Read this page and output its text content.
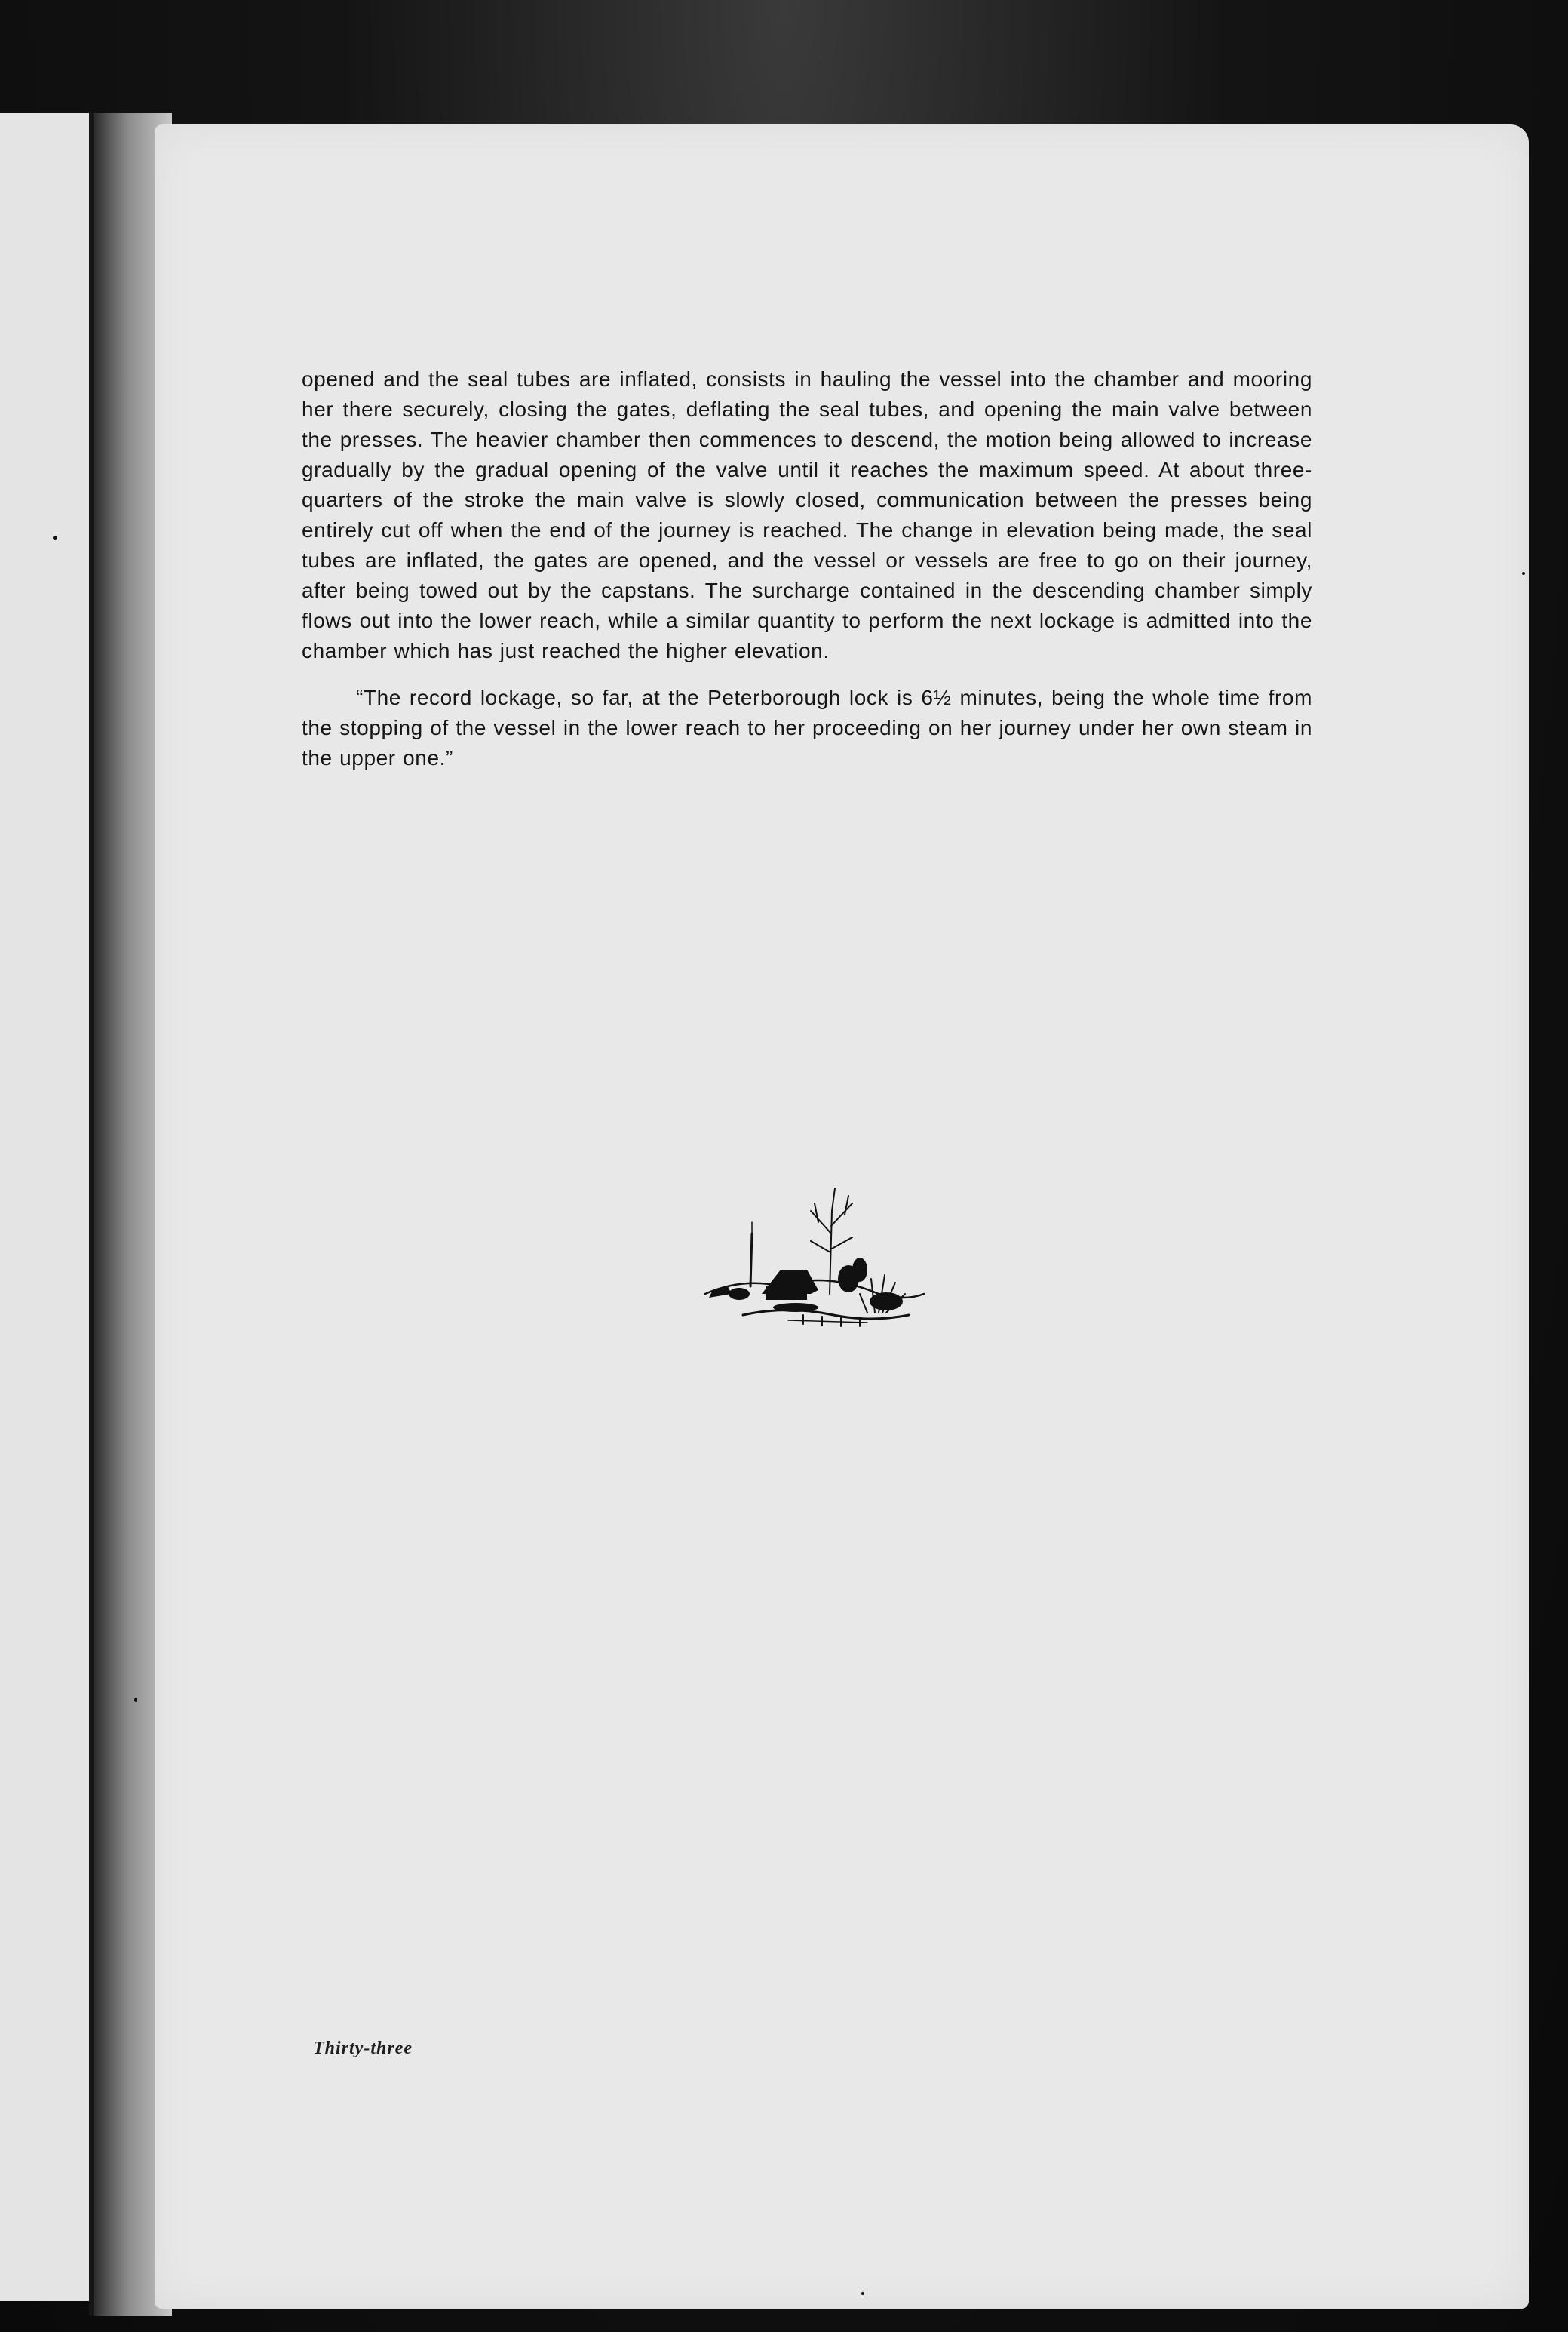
opened and the seal tubes are inflated, consists in hauling the vessel into the chamber and mooring her there securely, closing the gates, deflating the seal tubes, and opening the main valve between the presses. The heavier chamber then commences to descend, the motion being allowed to increase gradually by the gradual opening of the valve until it reaches the maximum speed. At about three-quarters of the stroke the main valve is slowly closed, communication between the presses being entirely cut off when the end of the journey is reached. The change in elevation being made, the seal tubes are inflated, the gates are opened, and the vessel or vessels are free to go on their journey, after being towed out by the capstans. The surcharge contained in the descending chamber simply flows out into the lower reach, while a similar quantity to perform the next lockage is admitted into the chamber which has just reached the higher elevation.

“The record lockage, so far, at the Peterborough lock is 6½ minutes, being the whole time from the stopping of the vessel in the lower reach to her proceeding on her journey under her own steam in the upper one.”

Thirty-three
